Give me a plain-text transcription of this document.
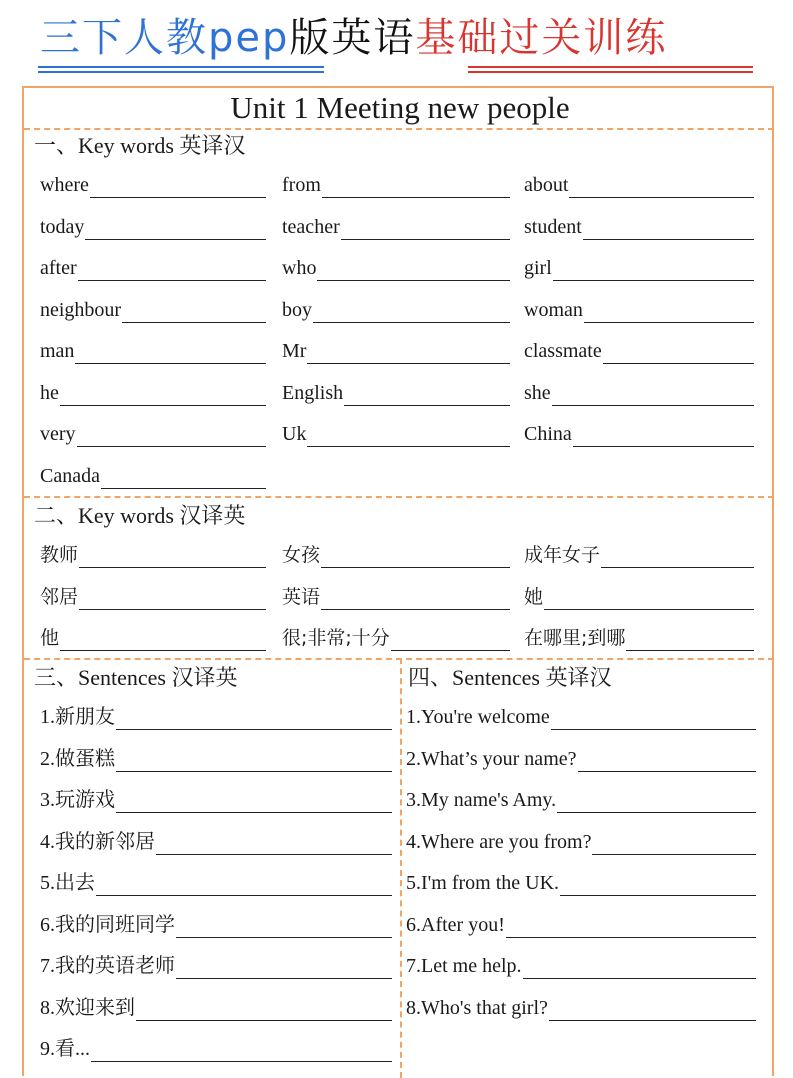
三下人教pep版英语基础过关训练
Unit 1 Meeting new people
一、Key words 英译汉
where	from	about
today	teacher	student
after	who	girl
neighbour	boy	woman
man	Mr	classmate
he	English	she
very	Uk	China
Canada
二、Key words 汉译英
教师	女孩	成年女子
邻居	英语	她
他	很;非常;十分	在哪里;到哪
三、Sentences 汉译英
1.新朋友
2.做蛋糕
3.玩游戏
4.我的新邻居
5.出去
6.我的同班同学
7.我的英语老师
8.欢迎来到
9.看...
四、Sentences 英译汉
1.You're welcome
2.What’s your name?
3.My name's Amy.
4.Where are you from?
5.I'm from the UK.
6.After you!
7.Let me help.
8.Who's that girl?
